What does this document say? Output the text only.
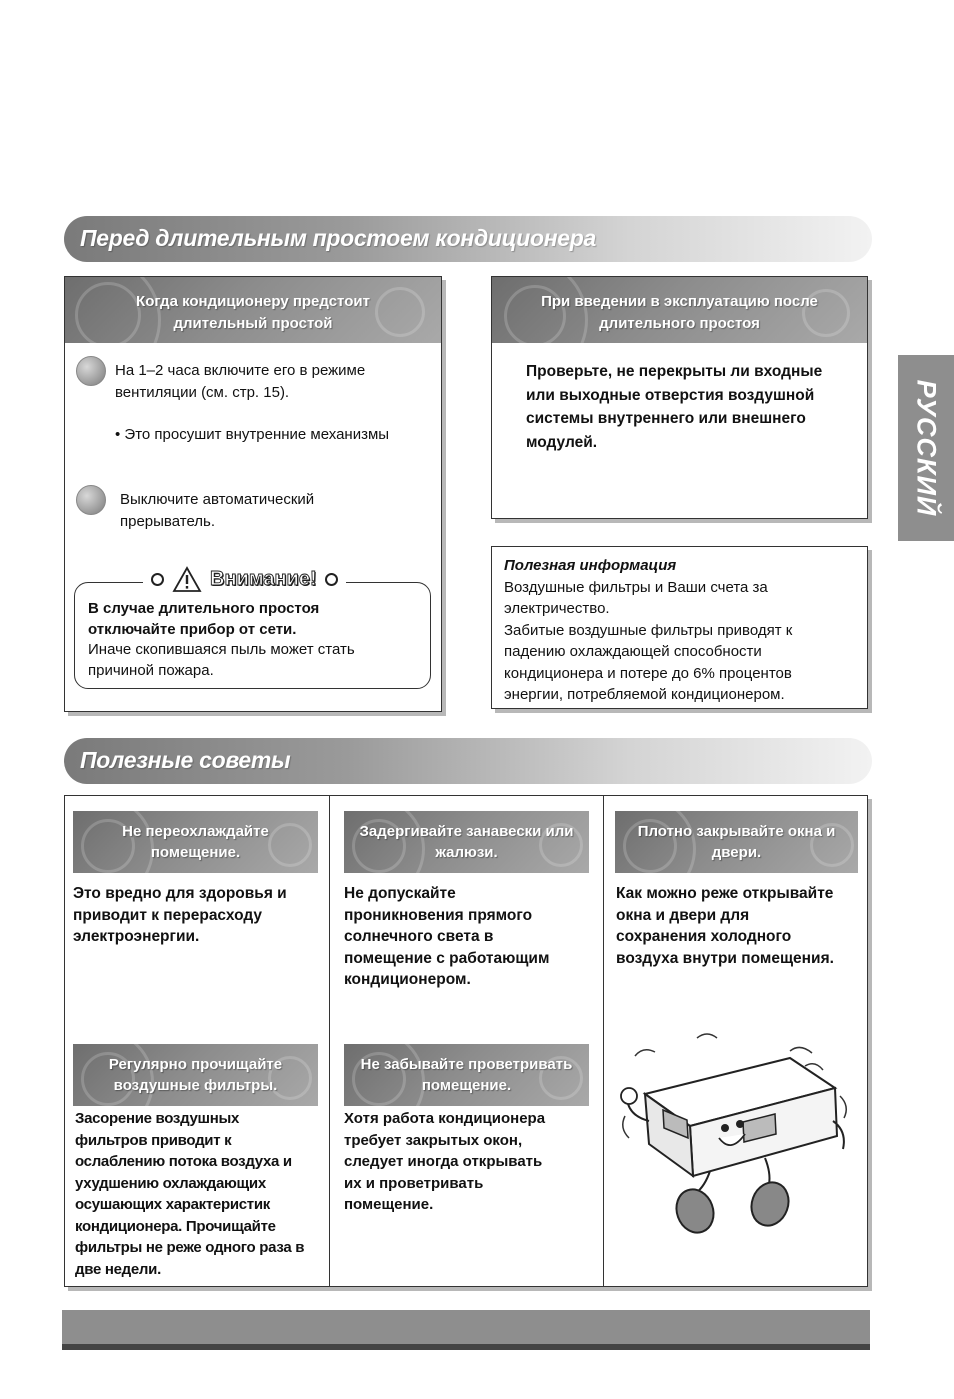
РУССКИЙ
Перед длительным простоем кондиционера
Когда кондиционеру предстоит
длительный простой
На 1–2 часа включите его в режиме
вентиляции (см. стр. 15).
• Это просушит внутренние механизмы
Выключите автоматический
прерыватель.
Внимание!
В случае длительного простоя
отключайте прибор от сети.
Иначе скопившаяся пыль может стать
причиной пожара.
При введении в эксплуатацию после
длительного простоя
Проверьте, не перекрыты ли входные
или выходные отверстия воздушной
системы внутреннего или внешнего
модулей.
Полезная информация
Воздушные фильтры и Ваши счета за
электричество.
Забитые воздушные фильтры приводят к
падению охлаждающей способности
кондиционера и потере до 6% процентов
энергии, потребляемой кондиционером.
Полезные советы
Не переохлаждайте
помещение.
Это вредно для здоровья и
приводит к перерасходу
электроэнергии.
Задергивайте занавески или
жалюзи.
Не допускайте
проникновения прямого
солнечного света в
помещение с работающим
кондиционером.
Плотно закрывайте окна и
двери.
Как можно реже открывайте
окна и двери для
сохранения холодного
воздуха внутри помещения.
Регулярно прочищайте
воздушные фильтры.
Засорение воздушных
фильтров приводит к
ослаблению потока воздуха и
ухудшению охлаждающих
осушающих характеристик
кондиционера. Прочищайте
фильтры не реже одного раза в
две недели.
Не забывайте проветривать
помещение.
Хотя работа кондиционера
требует закрытых окон,
следует иногда открывать
их и проветривать
помещение.
